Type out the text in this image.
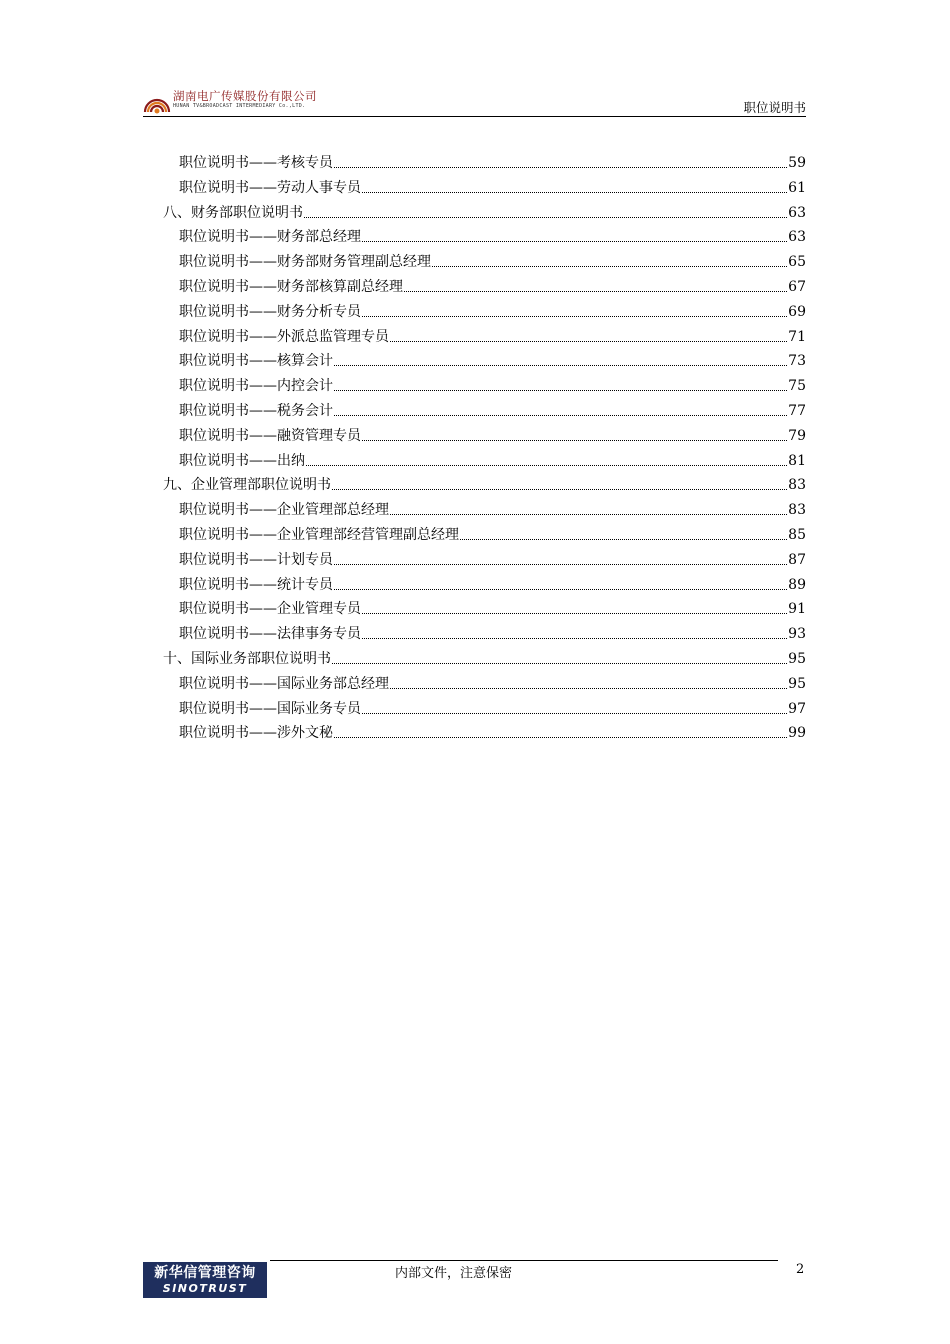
湖南电广传媒股份有限公司
HUNAN TV&BROADCAST INTERMEDIARY Co.,LTD.	职位说明书
职位说明书——考核专员	59
职位说明书——劳动人事专员	61
八、财务部职位说明书	63
职位说明书——财务部总经理	63
职位说明书——财务部财务管理副总经理	65
职位说明书——财务部核算副总经理	67
职位说明书——财务分析专员	69
职位说明书——外派总监管理专员	71
职位说明书——核算会计	73
职位说明书——内控会计	75
职位说明书——税务会计	77
职位说明书——融资管理专员	79
职位说明书——出纳	81
九、企业管理部职位说明书	83
职位说明书——企业管理部总经理	83
职位说明书——企业管理部经营管理副总经理	85
职位说明书——计划专员	87
职位说明书——统计专员	89
职位说明书——企业管理专员	91
职位说明书——法律事务专员	93
十、国际业务部职位说明书	95
职位说明书——国际业务部总经理	95
职位说明书——国际业务专员	97
职位说明书——涉外文秘	99
新华信管理咨询
SINOTRUST
内部文件，注意保密	2
